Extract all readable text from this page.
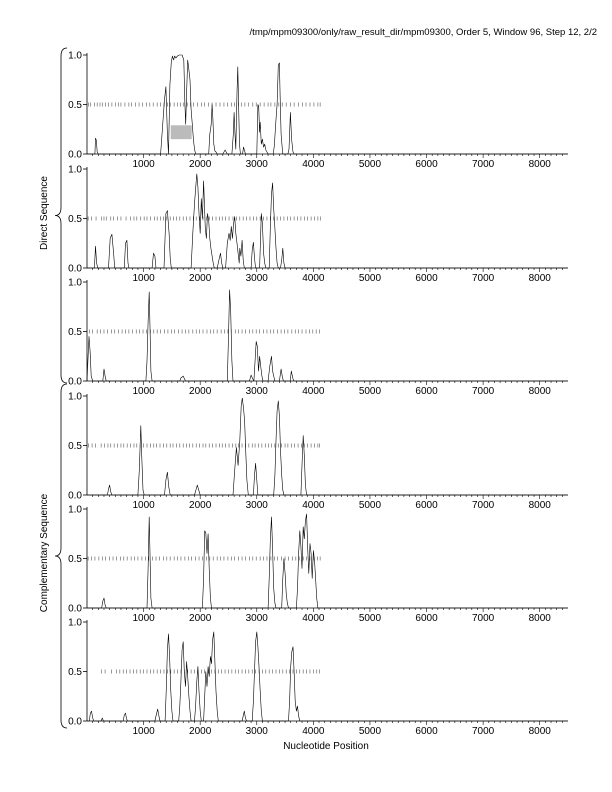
/tmp/mpm09300/only/raw_result_dir/mpm09300, Order 5, Window 96, Step 12, 2/2
0.0
0.5
1.0
1000	2000	3000	4000	5000	6000	7000	8000
0.0
0.5
1.0
1000	2000	3000	4000	5000	6000	7000	8000
0.0
0.5
1.0
1000	2000	3000	4000	5000	6000	7000	8000
0.0
0.5
1.0
1000	2000	3000	4000	5000	6000	7000	8000
0.0
0.5
1.0
1000	2000	3000	4000	5000	6000	7000	8000
0.0
0.5
1.0
1000	2000	3000	4000	5000	6000	7000	8000
Direct Sequence
Complementary Sequence
Nucleotide Position
